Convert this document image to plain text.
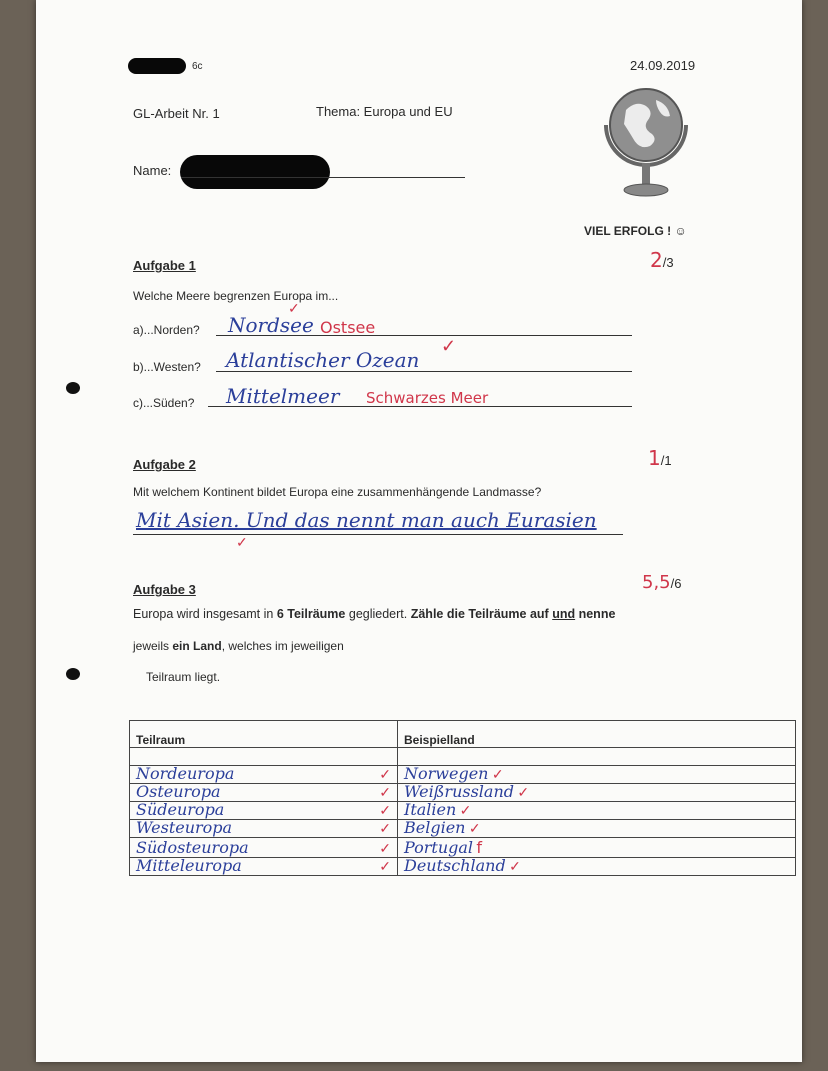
6c	24.09.2019
GL-Arbeit Nr. 1	Thema: Europa und EU
Name:
VIEL ERFOLG ! ☺
Aufgabe 1	2/3
Welche Meere begrenzen Europa im...
a)...Norden? Nordsee Ostsee
✓
b)...Westen? Atlantischer Ozean
✓
c)...Süden? Mittelmeer Schwarzes Meer
Aufgabe 2	1/1
Mit welchem Kontinent bildet Europa eine zusammenhängende Landmasse?
Mit Asien. Und das nennt man auch Eurasien
✓
Aufgabe 3	5,5/6
Europa wird insgesamt in 6 Teilräume gegliedert. Zähle die Teilräume auf und nenne
jeweils ein Land, welches im jeweiligen
Teilraum liegt.
Teilraum	Beispielland

Nordeuropa ✓	Norwegen ✓
Osteuropa ✓	Weißrussland ✓
Südeuropa ✓	Italien ✓
Westeuropa ✓	Belgien ✓
Südosteuropa ✓	Portugal f
Mitteleuropa ✓	Deutschland ✓
